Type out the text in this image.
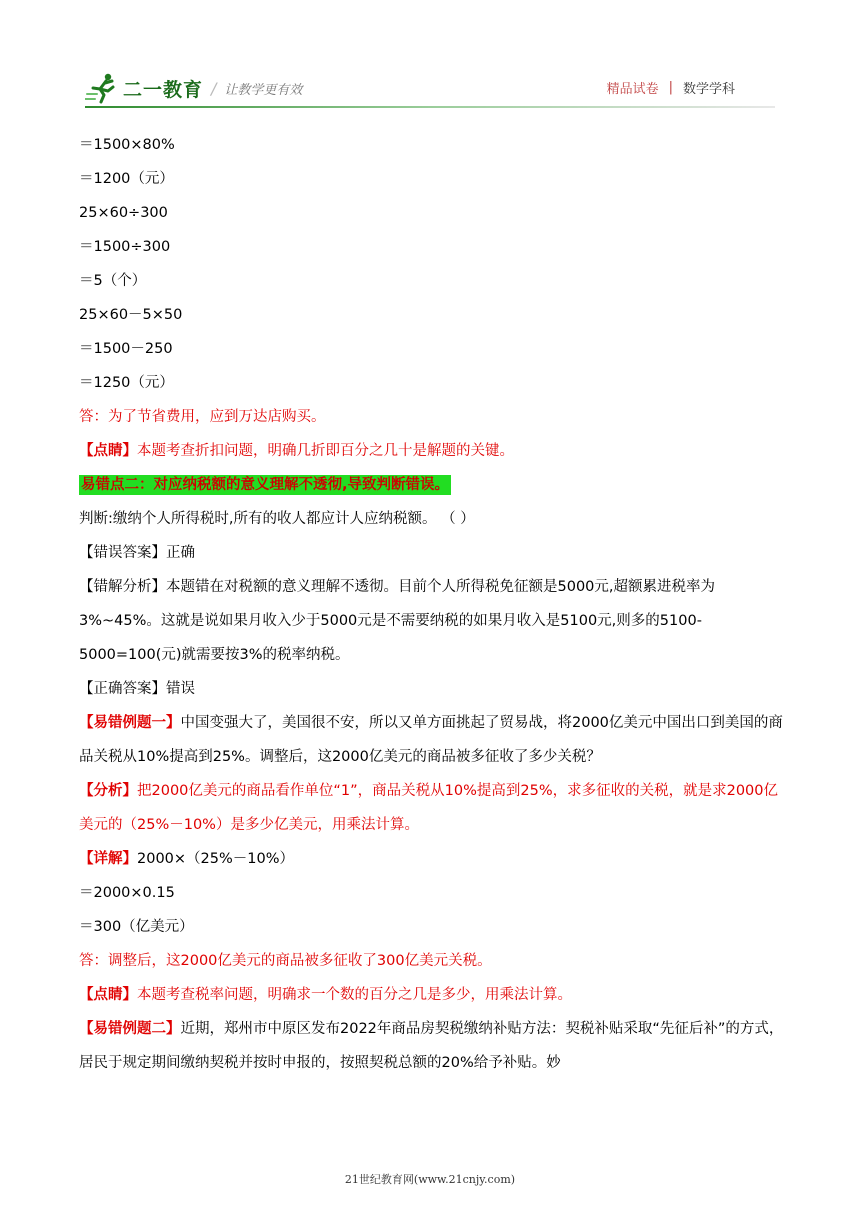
二一教育 / 让教学更有效	精品试卷 | 数学学科
＝1500×80%
＝1200（元）
25×60÷300
＝1500÷300
＝5（个）
25×60－5×50
＝1500－250
＝1250（元）
答：为了节省费用，应到万达店购买。
【点睛】本题考查折扣问题，明确几折即百分之几十是解题的关键。
易错点二：对应纳税额的意义理解不透彻,导致判断错误。
判断:缴纳个人所得税时,所有的收人都应计人应纳税额。 （ ）
【错误答案】正确
【错解分析】本题错在对税额的意义理解不透彻。目前个人所得税免征额是5000元,超额累进税率为3%~45%。这就是说如果月收入少于5000元是不需要纳税的如果月收入是5100元,则多的5100-5000=100(元)就需要按3%的税率纳税。
【正确答案】错误
【易错例题一】中国变强大了，美国很不安，所以又单方面挑起了贸易战，将2000亿美元中国出口到美国的商品关税从10%提高到25%。调整后，这2000亿美元的商品被多征收了多少关税？
【分析】把2000亿美元的商品看作单位“1”，商品关税从10%提高到25%，求多征收的关税，就是求2000亿美元的（25%－10%）是多少亿美元，用乘法计算。
【详解】2000×（25%－10%）
＝2000×0.15
＝300（亿美元）
答：调整后，这2000亿美元的商品被多征收了300亿美元关税。
【点睛】本题考查税率问题，明确求一个数的百分之几是多少，用乘法计算。
【易错例题二】近期，郑州市中原区发布2022年商品房契税缴纳补贴方法：契税补贴采取“先征后补”的方式，居民于规定期间缴纳契税并按时申报的，按照契税总额的20%给予补贴。妙
21世纪教育网(www.21cnjy.com)
